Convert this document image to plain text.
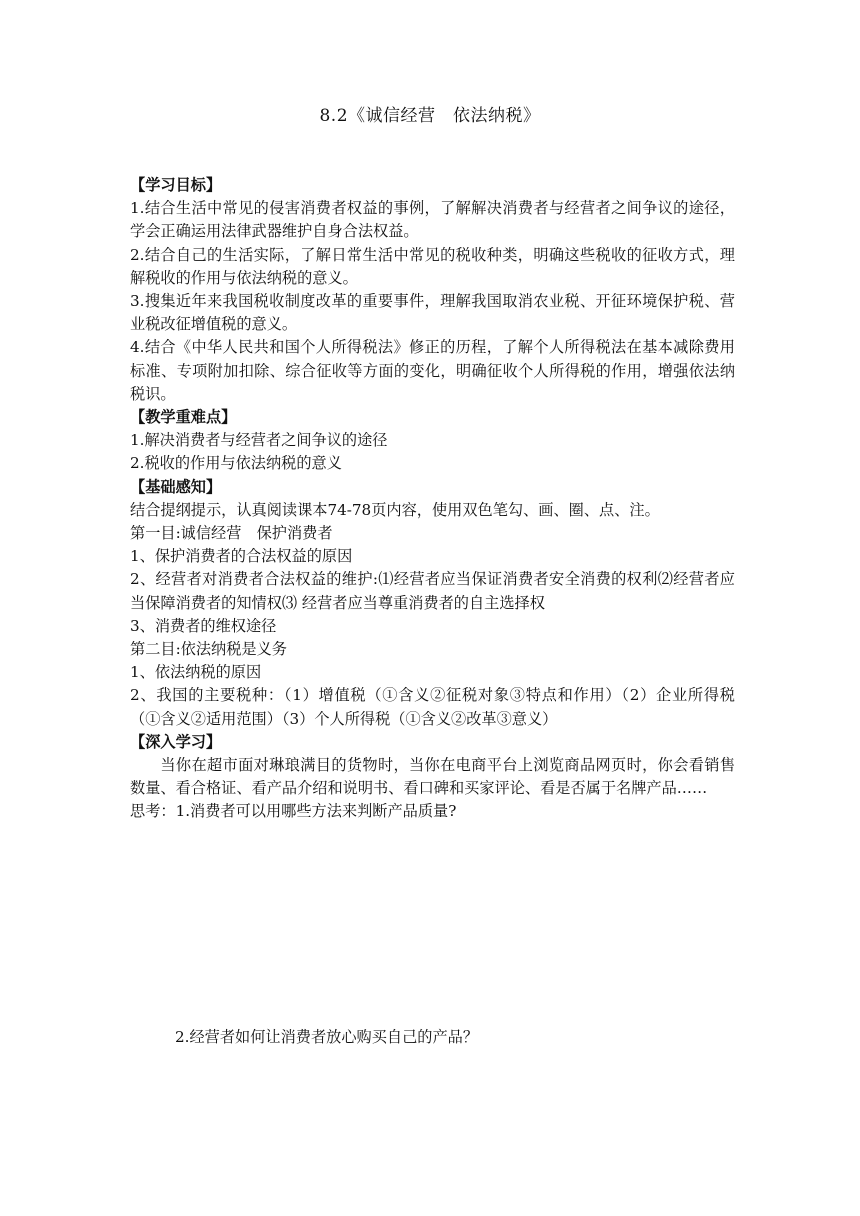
8.2《诚信经营　依法纳税》

【学习目标】

1.结合生活中常见的侵害消费者权益的事例，了解解决消费者与经营者之间争议的途径，学会正确运用法律武器维护自身合法权益。

2.结合自己的生活实际，了解日常生活中常见的税收种类，明确这些税收的征收方式，理解税收的作用与依法纳税的意义。

3.搜集近年来我国税收制度改革的重要事件，理解我国取消农业税、开征环境保护税、营业税改征增值税的意义。

4.结合《中华人民共和国个人所得税法》修正的历程，了解个人所得税法在基本减除费用标准、专项附加扣除、综合征收等方面的变化，明确征收个人所得税的作用，增强依法纳税识。

【教学重难点】

1.解决消费者与经营者之间争议的途径

2.税收的作用与依法纳税的意义

【基础感知】

结合提纲提示，认真阅读课本74-78页内容，使用双色笔勾、画、圈、点、注。

第一目:诚信经营　保护消费者

1、保护消费者的合法权益的原因

2、经营者对消费者合法权益的维护:⑴经营者应当保证消费者安全消费的权利⑵经营者应当保障消费者的知情权⑶ 经营者应当尊重消费者的自主选择权

3、消费者的维权途径

第二目:依法纳税是义务

1、依法纳税的原因

2、我国的主要税种：（1）增值税（①含义②征税对象③特点和作用）（2）企业所得税（①含义②适用范围）（3）个人所得税（①含义②改革③意义）

【深入学习】

当你在超市面对琳琅满目的货物时，当你在电商平台上浏览商品网页时，你会看销售数量、看合格证、看产品介绍和说明书、看口碑和买家评论、看是否属于名牌产品……

思考：1.消费者可以用哪些方法来判断产品质量?

2.经营者如何让消费者放心购买自己的产品？
